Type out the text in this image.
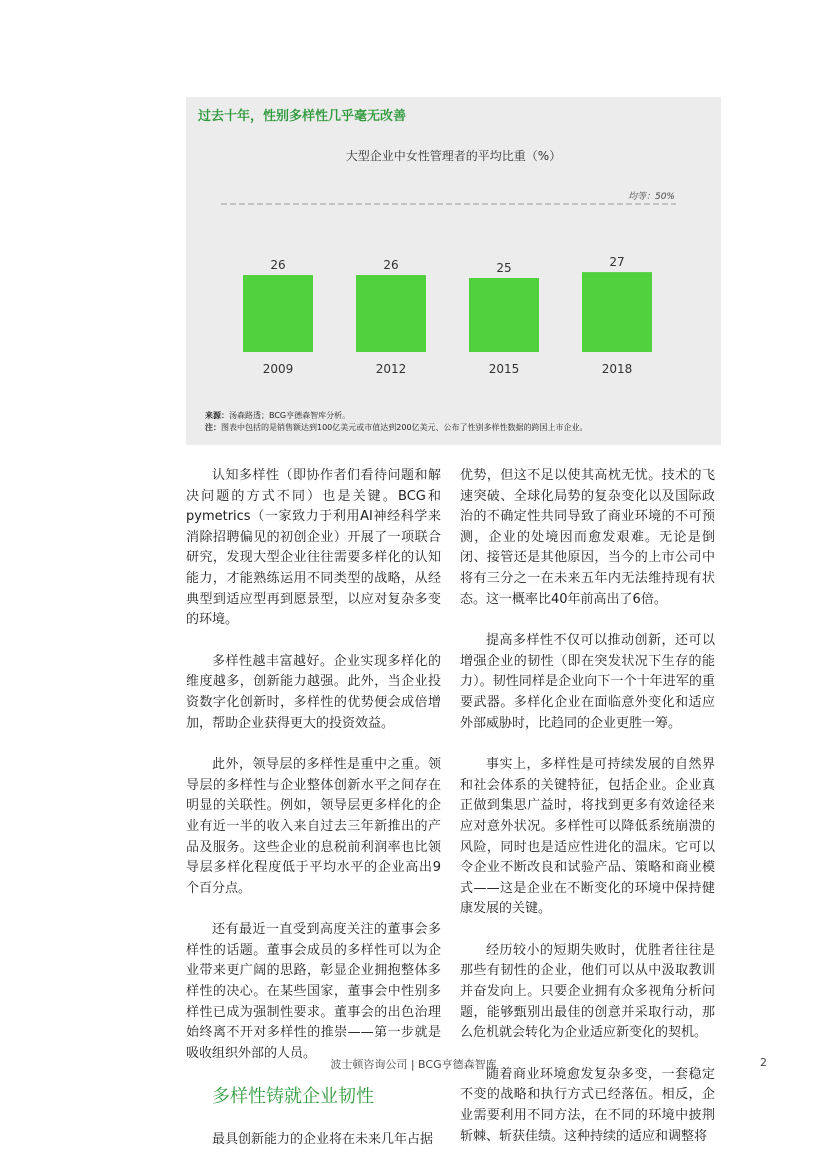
过去十年，性别多样性几乎毫无改善
大型企业中女性管理者的平均比重（%）
均等：50%
26
2009
26
2012
25
2015
27
2018
来源：汤森路透；BCG亨德森智库分析。
注：图表中包括的是销售额达到100亿美元或市值达到200亿美元、公布了性别多样性数据的跨国上市企业。

认知多样性（即协作者们看待问题和解决问题的方式不同）也是关键。BCG和pymetrics（一家致力于利用AI神经科学来消除招聘偏见的初创企业）开展了一项联合研究，发现大型企业往往需要多样化的认知能力，才能熟练运用不同类型的战略，从经典型到适应型再到愿景型，以应对复杂多变的环境。

多样性越丰富越好。企业实现多样化的维度越多，创新能力越强。此外，当企业投资数字化创新时，多样性的优势便会成倍增加，帮助企业获得更大的投资效益。

此外，领导层的多样性是重中之重。领导层的多样性与企业整体创新水平之间存在明显的关联性。例如，领导层更多样化的企业有近一半的收入来自过去三年新推出的产品及服务。这些企业的息税前利润率也比领导层多样化程度低于平均水平的企业高出9个百分点。

还有最近一直受到高度关注的董事会多样性的话题。董事会成员的多样性可以为企业带来更广阔的思路，彰显企业拥抱整体多样性的决心。在某些国家，董事会中性别多样性已成为强制性要求。董事会的出色治理始终离不开对多样性的推崇——第一步就是吸收组织外部的人员。

多样性铸就企业韧性

最具创新能力的企业将在未来几年占据

优势，但这不足以使其高枕无忧。技术的飞速突破、全球化局势的复杂变化以及国际政治的不确定性共同导致了商业环境的不可预测，企业的处境因而愈发艰难。无论是倒闭、接管还是其他原因，当今的上市公司中将有三分之一在未来五年内无法维持现有状态。这一概率比40年前高出了6倍。

提高多样性不仅可以推动创新，还可以增强企业的韧性（即在突发状况下生存的能力）。韧性同样是企业向下一个十年进军的重要武器。多样化企业在面临意外变化和适应外部威胁时，比趋同的企业更胜一筹。

事实上，多样性是可持续发展的自然界和社会体系的关键特征，包括企业。企业真正做到集思广益时，将找到更多有效途径来应对意外状况。多样性可以降低系统崩溃的风险，同时也是适应性进化的温床。它可以令企业不断改良和试验产品、策略和商业模式——这是企业在不断变化的环境中保持健康发展的关键。

经历较小的短期失败时，优胜者往往是那些有韧性的企业，他们可以从中汲取教训并奋发向上。只要企业拥有众多视角分析问题，能够甄别出最佳的创意并采取行动，那么危机就会转化为企业适应新变化的契机。

随着商业环境愈发复杂多变，一套稳定不变的战略和执行方式已经落伍。相反，企业需要利用不同方法，在不同的环境中披荆斩棘、斩获佳绩。这种持续的适应和调整将

波士顿咨询公司 | BCG亨德森智库	2
